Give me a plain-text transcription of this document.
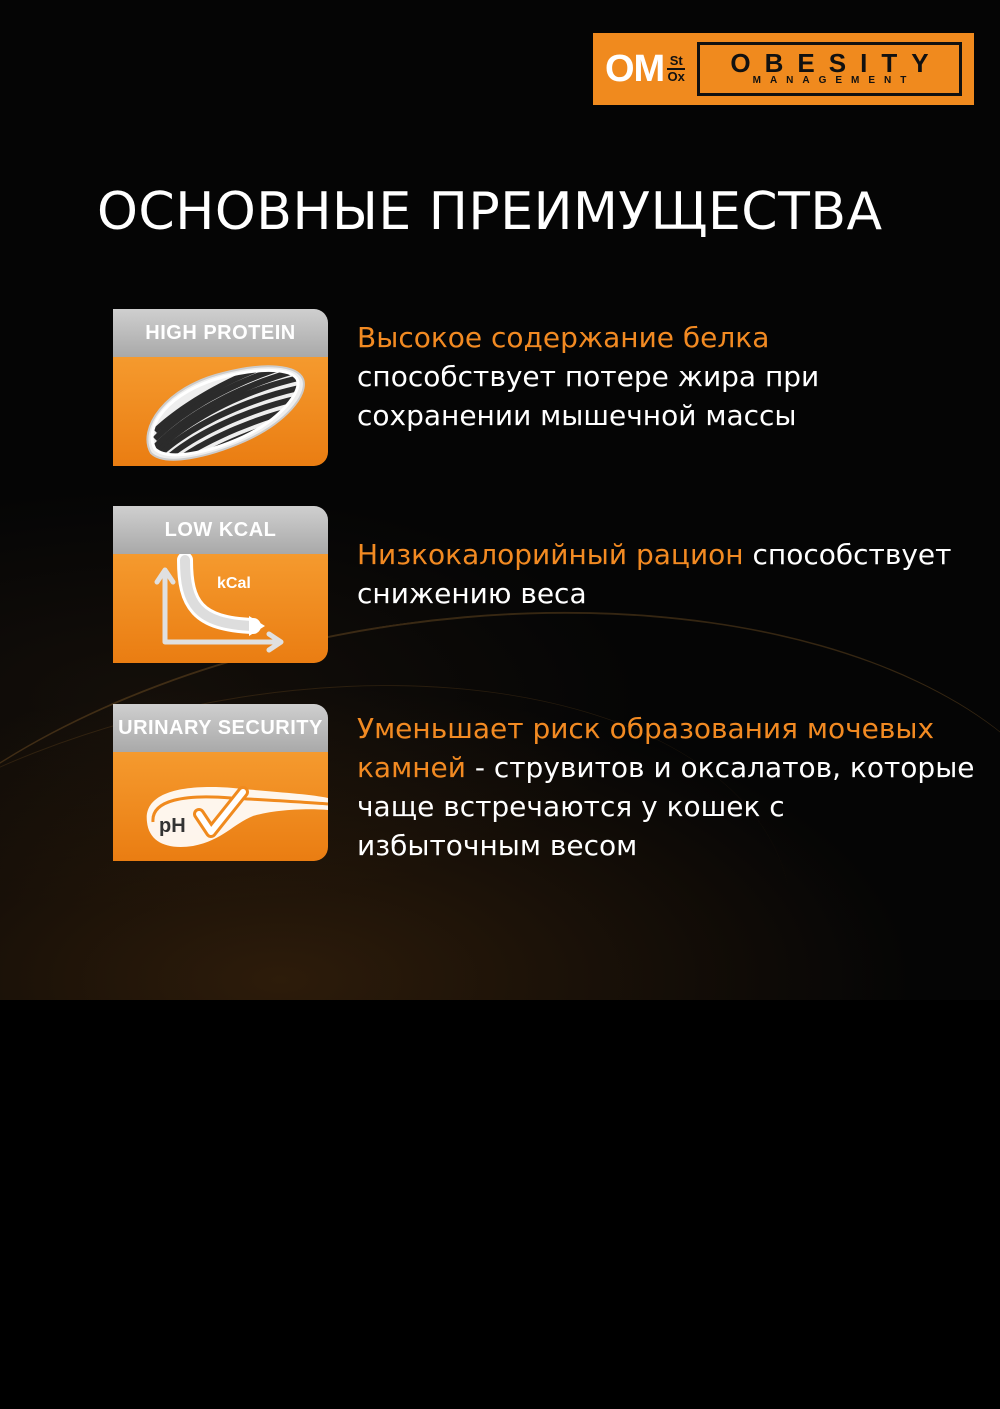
OM St
Ox OBESITY
MANAGEMENT
ОСНОВНЫЕ ПРЕИМУЩЕСТВА
HIGH PROTEIN	Высокое содержание белка
способствует потере жира при сохранении мышечной массы
LOW KCAL
kCal
Низкокалорийный рацион способствует снижению веса
URINARY SECURITY
pH
Уменьшает риск образования мочевых камней - струвитов и оксалатов, которые чаще встречаются у кошек с избыточным весом
